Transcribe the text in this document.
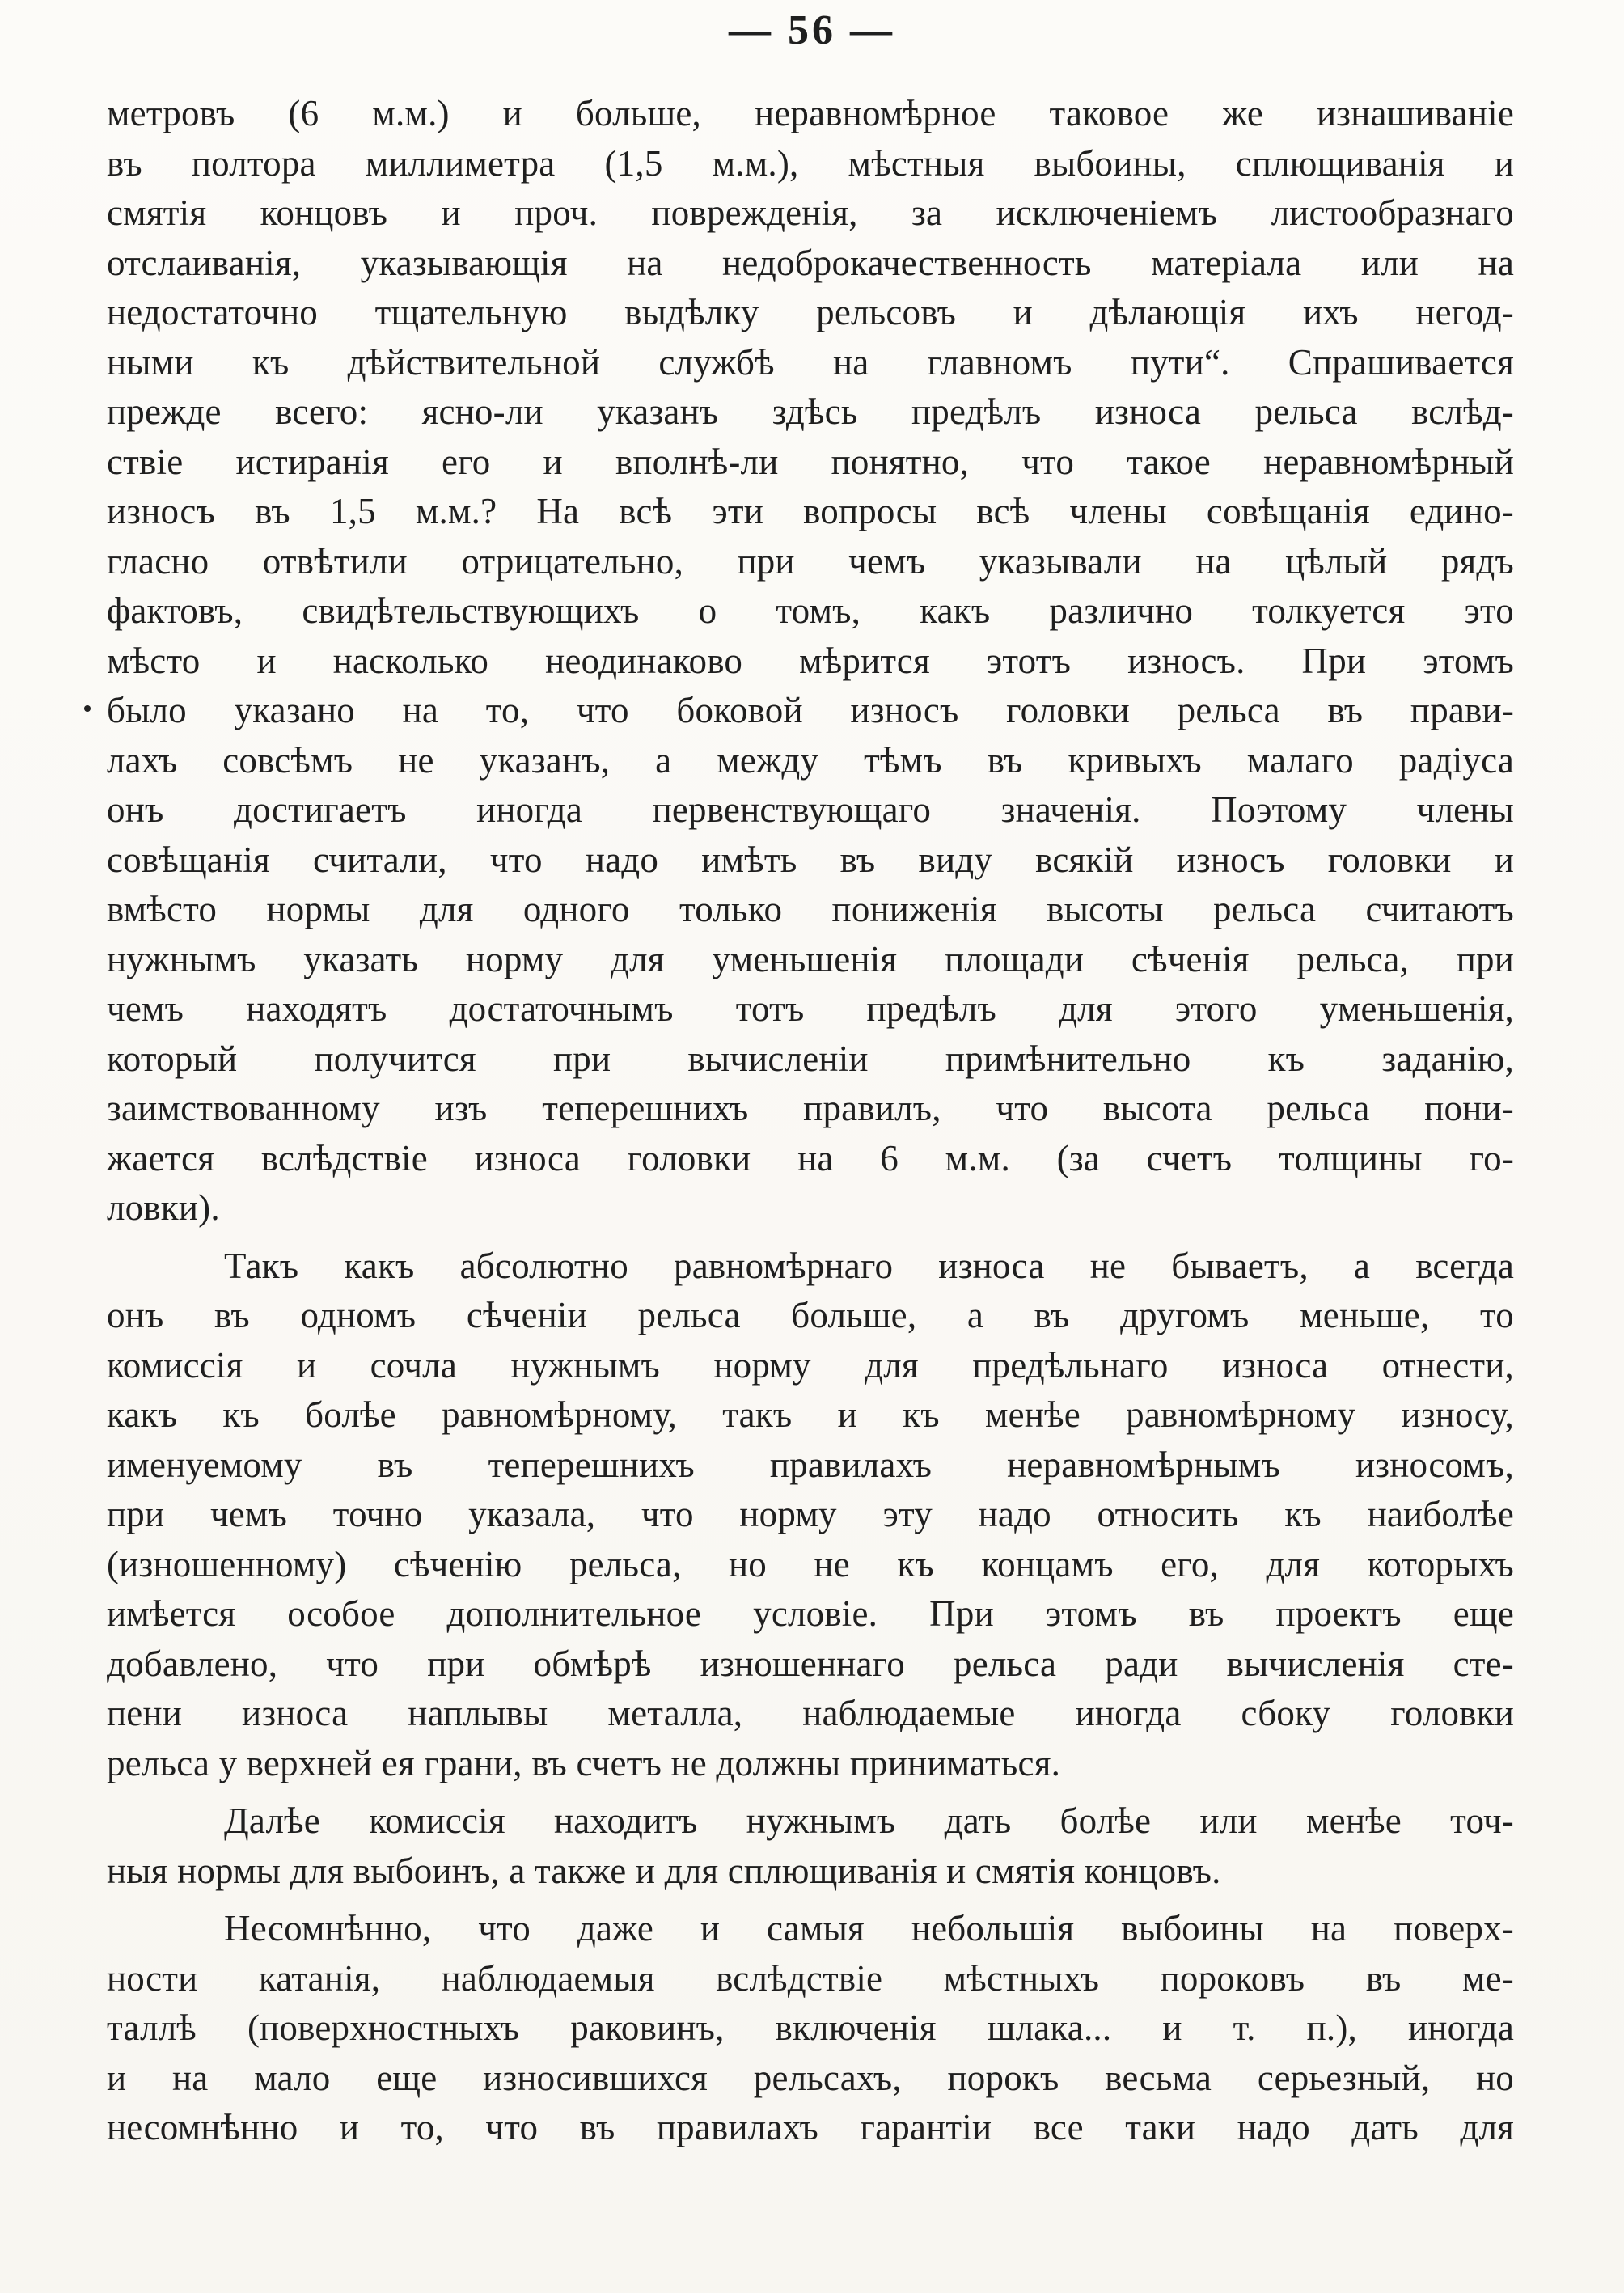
— 56 —
метровъ (6 м.м.) и больше, неравномѣрное таковое же изнашиванiе
въ полтора миллиметра (1,5 м.м.), мѣстныя выбоины, сплющиванiя и
смятiя концовъ и проч. поврежденiя, за исключенiемъ листообразнаго
отслаиванiя, указывающiя на недоброкачественность матерiала или на
недостаточно тщательную выдѣлку рельсовъ и дѣлающiя ихъ негод-
ными къ дѣйствительной службѣ на главномъ пути“. Спрашивается
прежде всего: ясно-ли указанъ здѣсь предѣлъ износа рельса вслѣд-
ствiе истиранiя его и вполнѣ-ли понятно, что такое неравномѣрный
износъ въ 1,5 м.м.? На всѣ эти вопросы всѣ члены совѣщанiя едино-
гласно отвѣтили отрицательно, при чемъ указывали на цѣлый рядъ
фактовъ, свидѣтельствующихъ о томъ, какъ различно толкуется это
мѣсто и насколько неодинаково мѣрится этотъ износъ. При этомъ
было указано на то, что боковой износъ головки рельса въ прави-
лахъ совсѣмъ не указанъ, а между тѣмъ въ кривыхъ малаго радiуса
онъ достигаетъ иногда первенствующаго значенiя. Поэтому члены
совѣщанiя считали, что надо имѣть въ виду всякiй износъ головки и
вмѣсто нормы для одного только пониженiя высоты рельса считаютъ
нужнымъ указать норму для уменьшенiя площади сѣченiя рельса, при
чемъ находятъ достаточнымъ тотъ предѣлъ для этого уменьшенiя,
который получится при вычисленiи примѣнительно къ заданiю,
заимствованному изъ теперешнихъ правилъ, что высота рельса пони-
жается вслѣдствiе износа головки на 6 м.м. (за счетъ толщины го-
ловки).
Такъ какъ абсолютно равномѣрнаго износа не бываетъ, а всегда
онъ въ одномъ сѣченiи рельса больше, а въ другомъ меньше, то
комиссiя и сочла нужнымъ норму для предѣльнаго износа отнести,
какъ къ болѣе равномѣрному, такъ и къ менѣе равномѣрному износу,
именуемому въ теперешнихъ правилахъ неравномѣрнымъ износомъ,
при чемъ точно указала, что норму эту надо относить къ наиболѣе
(изношенному) сѣченiю рельса, но не къ концамъ его, для которыхъ
имѣется особое дополнительное условiе. При этомъ въ проектъ еще
добавлено, что при обмѣрѣ изношеннаго рельса ради вычисленiя сте-
пени износа наплывы металла, наблюдаемые иногда сбоку головки
рельса у верхней ея грани, въ счетъ не должны приниматься.
Далѣе комиссiя находитъ нужнымъ дать болѣе или менѣе точ-
ныя нормы для выбоинъ, а также и для сплющиванiя и смятiя концовъ.
Несомнѣнно, что даже и самыя небольшiя выбоины на поверх-
ности катанiя, наблюдаемыя вслѣдствiе мѣстныхъ пороковъ въ ме-
таллѣ (поверхностныхъ раковинъ, включенiя шлака... и т. п.), иногда
и на мало еще износившихся рельсахъ, порокъ весьма серьезный, но
несомнѣнно и то, что въ правилахъ гарантiи все таки надо дать для
